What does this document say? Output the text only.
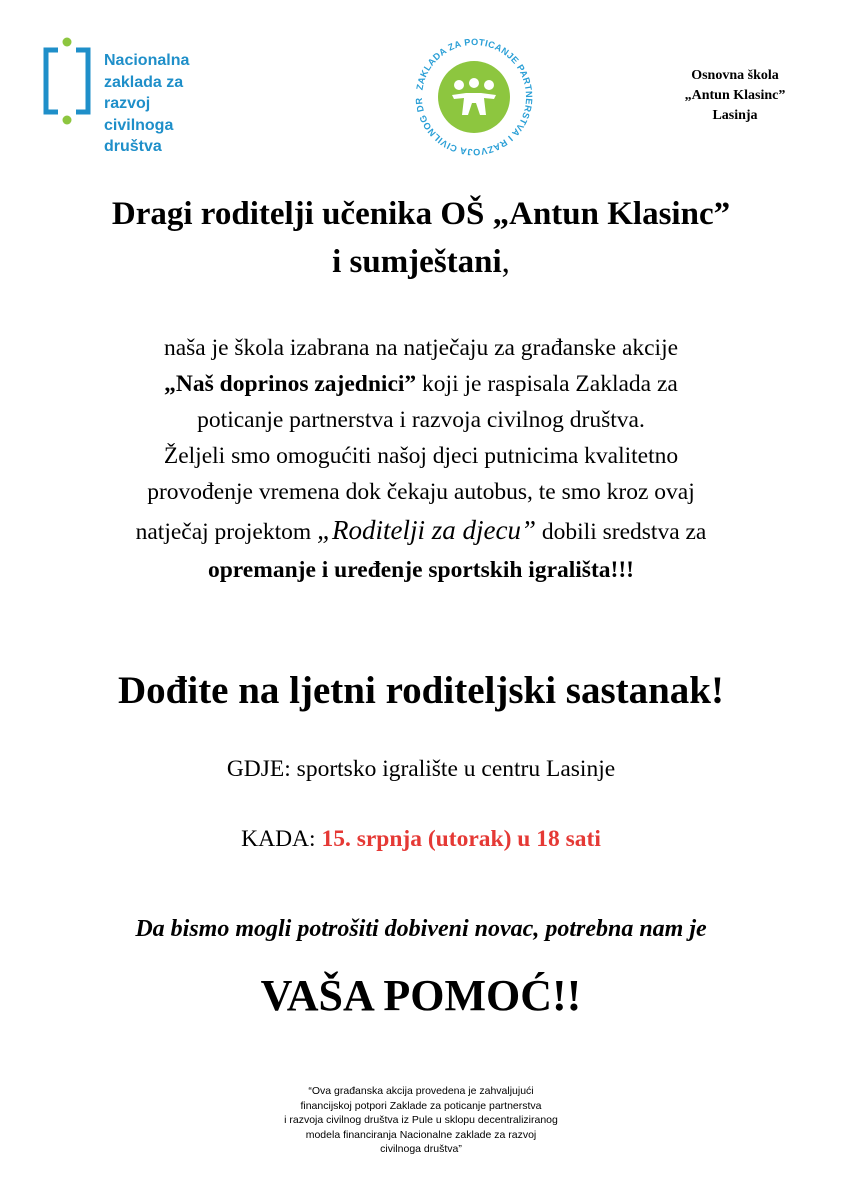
Nacionalna
zaklada za
razvoj
civilnoga
društva
ZAKLADA ZA POTICANJE PARTNERSTVA I RAZVOJA CIVILNOG DR
Osnovna škola
„Antun Klasinc”
Lasinja
Dragi roditelji učenika OŠ „Antun Klasinc”
i sumještani,
naša je škola izabrana na natječaju za građanske akcije
„Naš doprinos zajednici” koji je raspisala Zaklada za
poticanje partnerstva i razvoja civilnog društva.
Željeli smo omogućiti našoj djeci putnicima kvalitetno
provođenje vremena dok čekaju autobus, te smo kroz ovaj
natječaj projektom „Roditelji za djecu” dobili sredstva za
opremanje i uređenje sportskih igrališta!!!
Dođite na ljetni roditeljski sastanak!
GDJE: sportsko igralište u centru Lasinje
KADA: 15. srpnja (utorak) u 18 sati
Da bismo mogli potrošiti dobiveni novac, potrebna nam je
VAŠA POMOĆ!!
“Ova građanska akcija provedena je zahvaljujući
financijskoj potpori Zaklade za poticanje partnerstva
i razvoja civilnog društva iz Pule u sklopu decentraliziranog
modela financiranja Nacionalne zaklade za razvoj
civilnoga društva”
